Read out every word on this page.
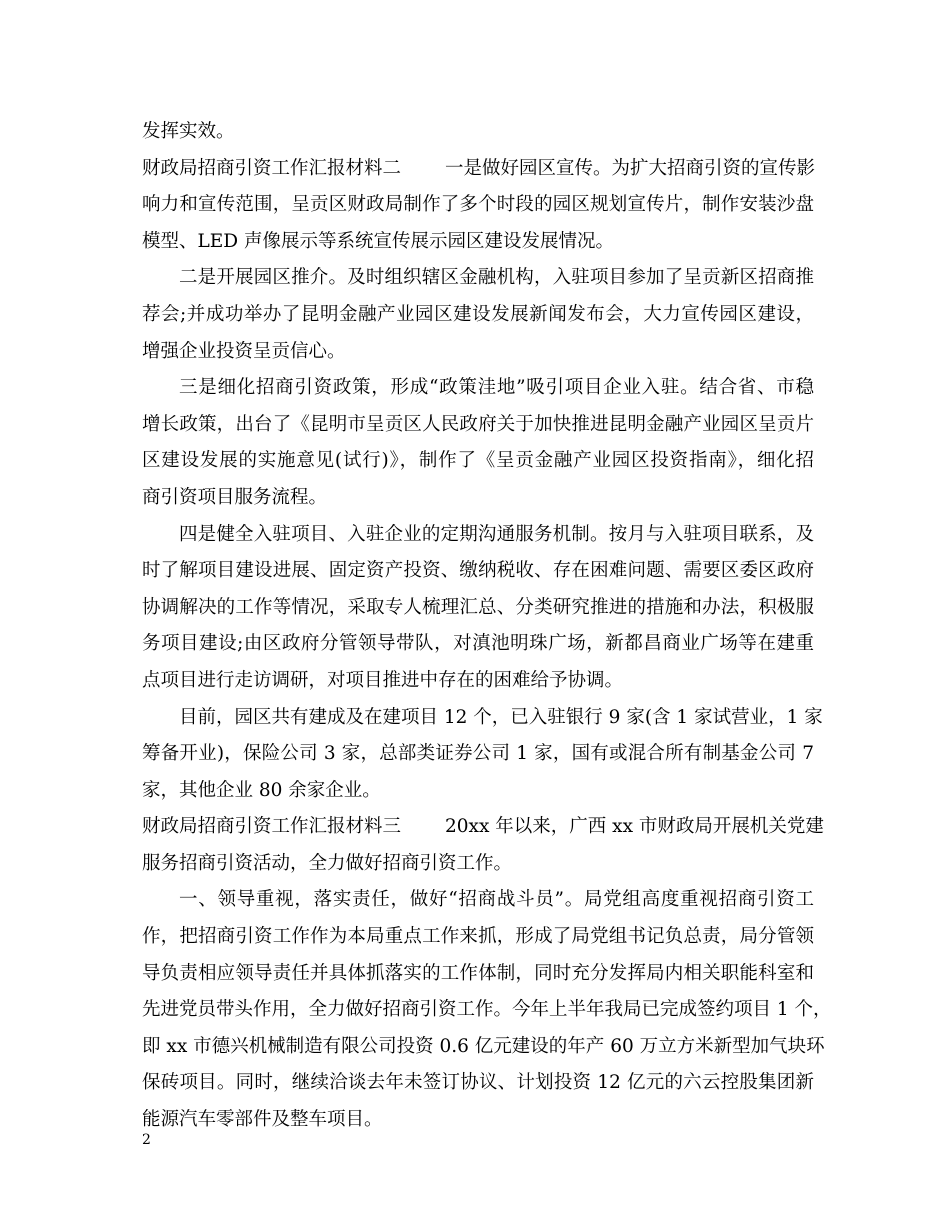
发挥实效。
财政局招商引资工作汇报材料二 一是做好园区宣传。为扩大招商引资的宣传影
响力和宣传范围，呈贡区财政局制作了多个时段的园区规划宣传片，制作安装沙盘
模型、LED 声像展示等系统宣传展示园区建设发展情况。
二是开展园区推介。及时组织辖区金融机构，入驻项目参加了呈贡新区招商推
荐会;并成功举办了昆明金融产业园区建设发展新闻发布会，大力宣传园区建设，
增强企业投资呈贡信心。
三是细化招商引资政策，形成“政策洼地”吸引项目企业入驻。结合省、市稳
增长政策，出台了《昆明市呈贡区人民政府关于加快推进昆明金融产业园区呈贡片
区建设发展的实施意见(试行)》，制作了《呈贡金融产业园区投资指南》，细化招
商引资项目服务流程。
四是健全入驻项目、入驻企业的定期沟通服务机制。按月与入驻项目联系，及
时了解项目建设进展、固定资产投资、缴纳税收、存在困难问题、需要区委区政府
协调解决的工作等情况，采取专人梳理汇总、分类研究推进的措施和办法，积极服
务项目建设;由区政府分管领导带队，对滇池明珠广场，新都昌商业广场等在建重
点项目进行走访调研，对项目推进中存在的困难给予协调。
目前，园区共有建成及在建项目 12 个，已入驻银行 9 家(含 1 家试营业，1 家
筹备开业)，保险公司 3 家，总部类证券公司 1 家，国有或混合所有制基金公司 7
家，其他企业 80 余家企业。
财政局招商引资工作汇报材料三 20xx 年以来，广西 xx 市财政局开展机关党建
服务招商引资活动，全力做好招商引资工作。
一、领导重视，落实责任，做好“招商战斗员”。局党组高度重视招商引资工
作，把招商引资工作作为本局重点工作来抓，形成了局党组书记负总责，局分管领
导负责相应领导责任并具体抓落实的工作体制，同时充分发挥局内相关职能科室和
先进党员带头作用，全力做好招商引资工作。今年上半年我局已完成签约项目 1 个，
即 xx 市德兴机械制造有限公司投资 0.6 亿元建设的年产 60 万立方米新型加气块环
保砖项目。同时，继续洽谈去年未签订协议、计划投资 12 亿元的六云控股集团新
能源汽车零部件及整车项目。
2
